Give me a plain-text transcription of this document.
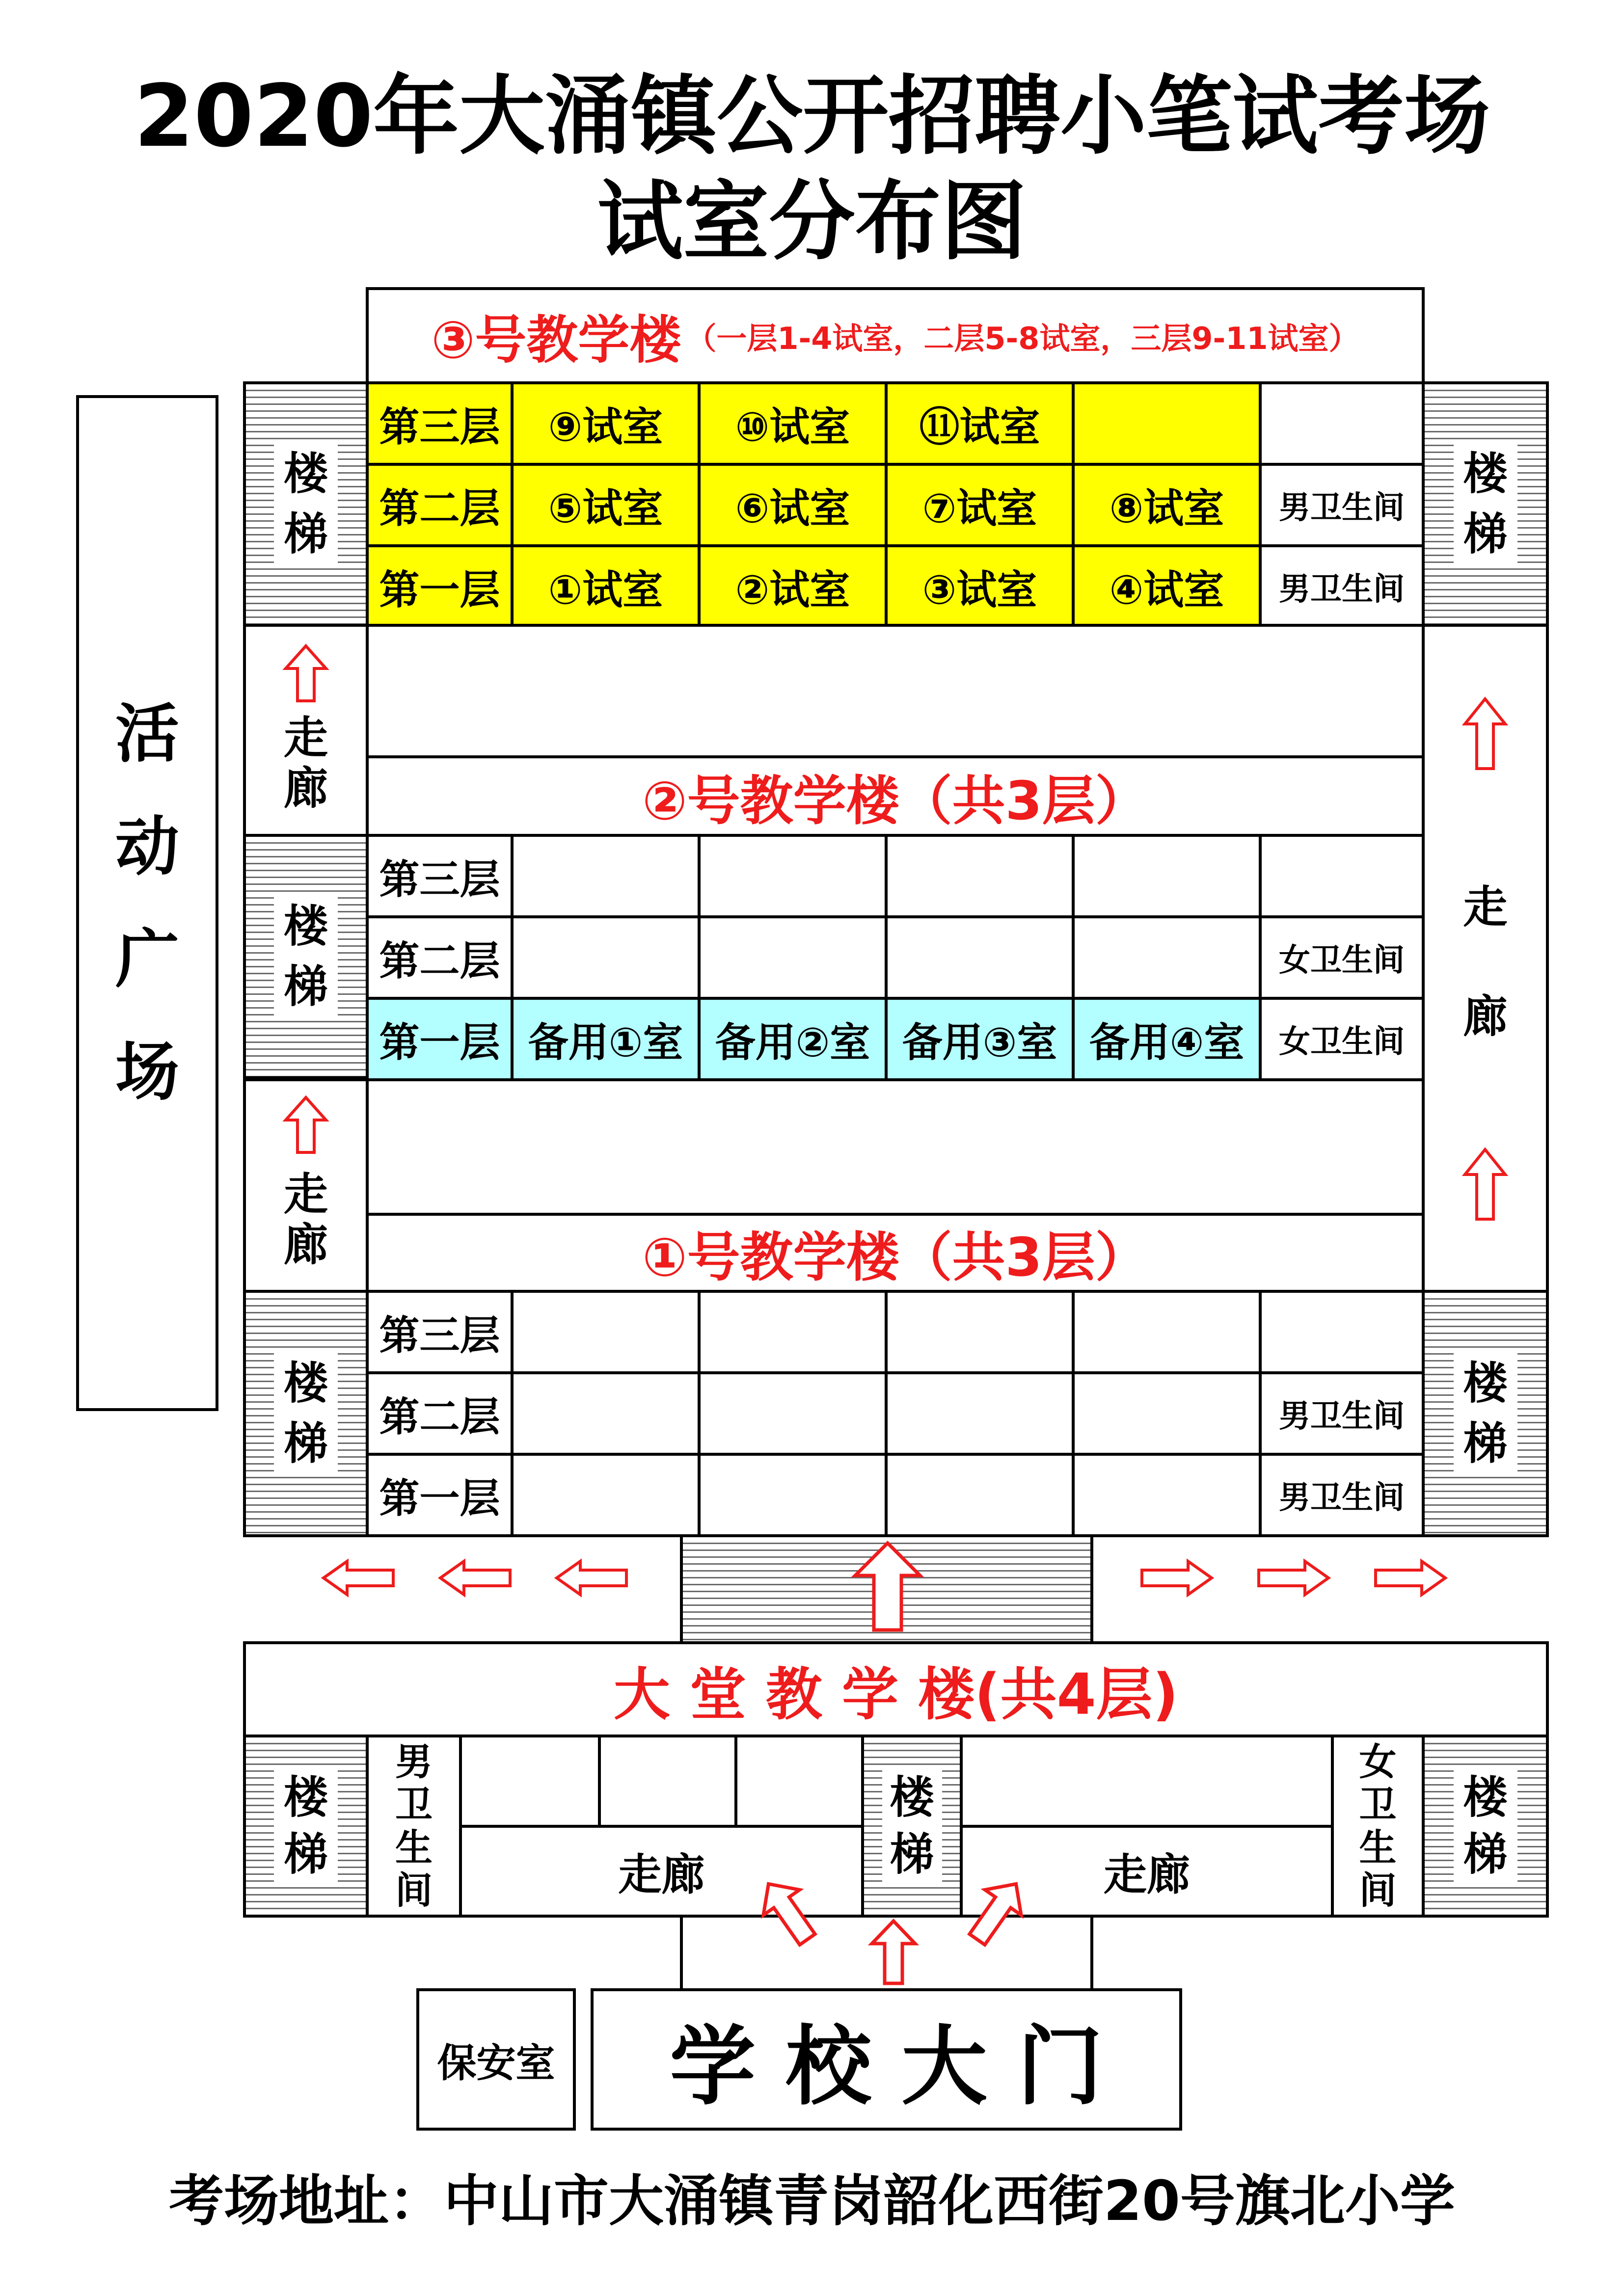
2020年大涌镇公开招聘小笔试考场
试室分布图
活
动
广
场
③号教学楼 （一层1-4试室，二层5-8试室，三层9-11试室）
楼
梯
楼
梯
第三层	⑨试室	⑩试室	⑪试室
第二层	⑤试室	⑥试室	⑦试室	⑧试室	男卫生间
第一层	①试室	②试室	③试室	④试室	男卫生间
走
廊	②号教学楼（共3层）
走
廊
楼
梯
第三层
第二层	女卫生间
第一层 备用①室 备用②室 备用③室 备用④室	女卫生间
走
廊	①号教学楼（共3层）
楼
梯
楼
梯
第三层
第二层	男卫生间
第一层	男卫生间
大 堂 教 学 楼(共4层)
楼
梯
男
卫
生
间	走廊
楼
梯	走廊
女
卫
生
间
楼
梯
保安室	学 校 大 门
考场地址：中山市大涌镇青岗韶化西街20号旗北小学
